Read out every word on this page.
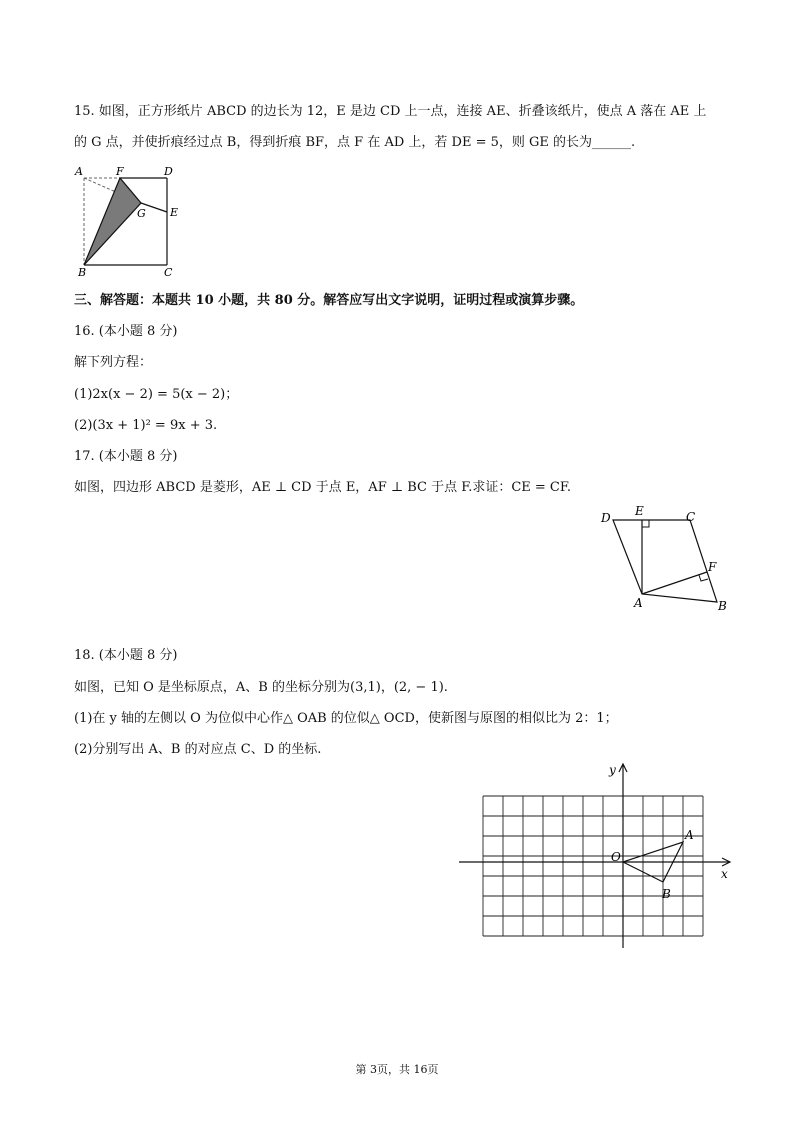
15. 如图，正方形纸片 ABCD 的边长为 12，E 是边 CD 上一点，连接 AE、折叠该纸片，使点 A 落在 AE 上
的 G 点，并使折痕经过点 B，得到折痕 BF，点 F 在 AD 上，若 DE = 5，则 GE 的长为______.
A	F	D
G E
B	C
三、解答题：本题共 10 小题，共 80 分。解答应写出文字说明，证明过程或演算步骤。
16. (本小题 8 分)
解下列方程：
(1)2x(x − 2) = 5(x − 2)；
(2)(3x + 1)² = 9x + 3.
17. (本小题 8 分)
如图，四边形 ABCD 是菱形，AE ⊥ CD 于点 E，AF ⊥ BC 于点 F.求证：CE = CF.
D E	C
F
A	B
18. (本小题 8 分)
如图，已知 O 是坐标原点，A、B 的坐标分别为(3,1)，(2, − 1).
(1)在 y 轴的左侧以 O 为位似中心作△ OAB 的位似△ OCD，使新图与原图的相似比为 2：1；
(2)分别写出 A、B 的对应点 C、D 的坐标.
y
x
O
A
B
第 3页，共 16页
